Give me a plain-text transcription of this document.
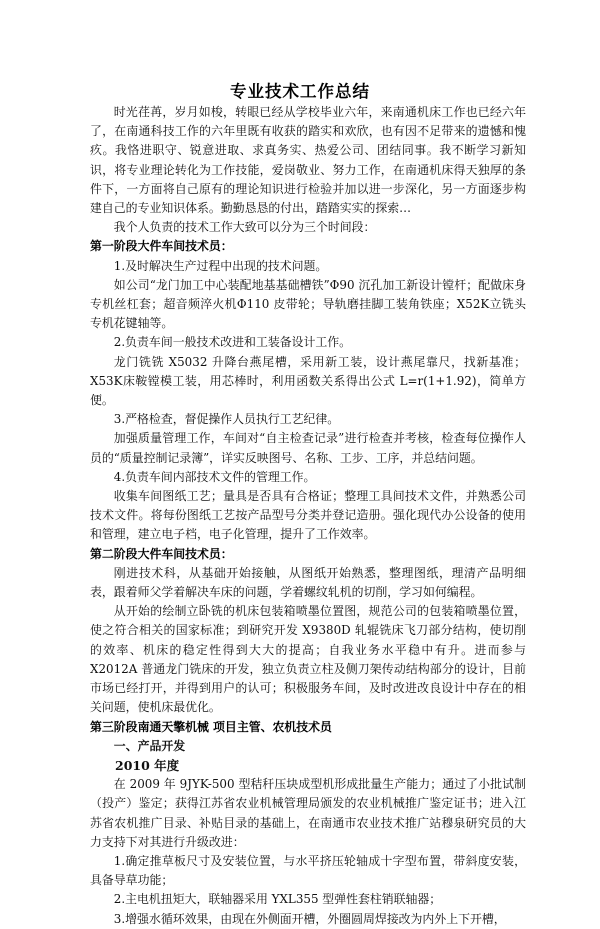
专业技术工作总结

时光荏苒，岁月如梭，转眼已经从学校毕业六年，来南通机床工作也已经六年了，在南通科技工作的六年里既有收获的踏实和欢欣，也有因不足带来的遗憾和愧疚。我恪进职守、锐意进取、求真务实、热爱公司、团结同事。我不断学习新知识，将专业理论转化为工作技能，爱岗敬业、努力工作，在南通机床得天独厚的条件下，一方面将自己原有的理论知识进行检验并加以进一步深化，另一方面逐步构建自己的专业知识体系。勤勤恳恳的付出，踏踏实实的探索…

我个人负责的技术工作大致可以分为三个时间段：

第一阶段大件车间技术员：

1.及时解决生产过程中出现的技术问题。

如公司“龙门加工中心装配地基基础槽铁”Φ90 沉孔加工新设计镗杆；配做床身专机丝杠套；超音频淬火机Φ110 皮带轮；导轨磨挂脚工装角铁座；X52K立铣头专机花键轴等。

2.负责车间一般技术改进和工装备设计工作。

龙门铣铣 X5032 升降台燕尾槽，采用新工装，设计燕尾靠尺，找新基准；X53K床鞍镗模工装，用芯棒时，利用函数关系得出公式 L=r(1+1.92)，简单方便。

3.严格检查，督促操作人员执行工艺纪律。

加强质量管理工作，车间对“自主检查记录”进行检查并考核，检查每位操作人员的“质量控制记录簿”，详实反映图号、名称、工步、工序，并总结问题。

4.负责车间内部技术文件的管理工作。

收集车间图纸工艺；量具是否具有合格证；整理工具间技术文件，并熟悉公司技术文件。将每份图纸工艺按产品型号分类并登记造册。强化现代办公设备的使用和管理，建立电子档，电子化管理，提升了工作效率。

第二阶段大件车间技术员：

刚进技术科，从基础开始接触，从图纸开始熟悉，整理图纸，理清产品明细表，跟着师父学着解决车床的问题，学着螺纹轧机的切削，学习如何编程。

从开始的绘制立卧铣的机床包装箱喷墨位置图，规范公司的包装箱喷墨位置，使之符合相关的国家标准；到研究开发 X9380D 轧辊铣床飞刀部分结构，使切削的效率、机床的稳定性得到大大的提高；自我业务水平稳中有升。进而参与 X2012A 普通龙门铣床的开发，独立负责立柱及侧刀架传动结构部分的设计，目前市场已经打开，并得到用户的认可；积极服务车间，及时改进改良设计中存在的相关问题，使机床最优化。

第三阶段南通天擎机械 项目主管、农机技术员

一、产品开发

2010 年度

在 2009 年 9JYK-500 型秸秆压块成型机形成批量生产能力；通过了小批试制（投产）鉴定；获得江苏省农业机械管理局颁发的农业机械推广鉴定证书；进入江苏省农机推广目录、补贴目录的基础上，在南通市农业技术推广站穆泉研究员的大力支持下对其进行升级改进：

1.确定推草板尺寸及安装位置，与水平挤压轮轴成十字型布置，带斜度安装，具备导草功能；

2.主电机扭矩大，联轴器采用 YXL355 型弹性套柱销联轴器；

3.增强水循环效果，由现在外侧面开槽，外圈圆周焊接改为内外上下开槽，
